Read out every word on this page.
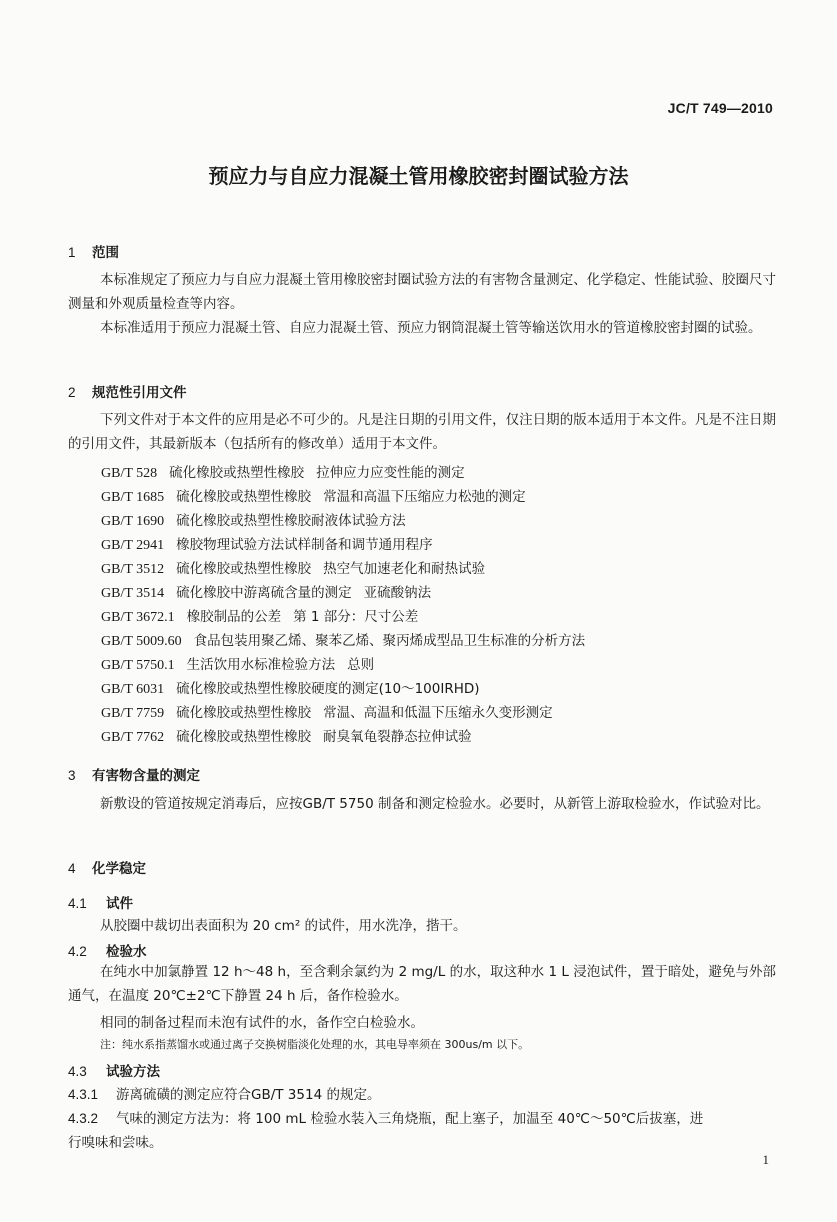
JC/T 749—2010
预应力与自应力混凝土管用橡胶密封圈试验方法
1 范围
本标准规定了预应力与自应力混凝土管用橡胶密封圈试验方法的有害物含量测定、化学稳定、性能试验、胶圈尺寸测量和外观质量检查等内容。
本标准适用于预应力混凝土管、自应力混凝土管、预应力钢筒混凝土管等输送饮用水的管道橡胶密封圈的试验。
2 规范性引用文件
下列文件对于本文件的应用是必不可少的。凡是注日期的引用文件，仅注日期的版本适用于本文件。凡是不注日期的引用文件，其最新版本（包括所有的修改单）适用于本文件。
GB/T 528 硫化橡胶或热塑性橡胶 拉伸应力应变性能的测定
GB/T 1685 硫化橡胶或热塑性橡胶 常温和高温下压缩应力松弛的测定
GB/T 1690 硫化橡胶或热塑性橡胶耐液体试验方法
GB/T 2941 橡胶物理试验方法试样制备和调节通用程序
GB/T 3512 硫化橡胶或热塑性橡胶 热空气加速老化和耐热试验
GB/T 3514 硫化橡胶中游离硫含量的测定 亚硫酸钠法
GB/T 3672.1 橡胶制品的公差 第 1 部分：尺寸公差
GB/T 5009.60 食品包装用聚乙烯、聚苯乙烯、聚丙烯成型品卫生标准的分析方法
GB/T 5750.1 生活饮用水标准检验方法 总则
GB/T 6031 硫化橡胶或热塑性橡胶硬度的测定(10～100IRHD)
GB/T 7759 硫化橡胶或热塑性橡胶 常温、高温和低温下压缩永久变形测定
GB/T 7762 硫化橡胶或热塑性橡胶 耐臭氧龟裂静态拉伸试验
3 有害物含量的测定
新敷设的管道按规定消毒后，应按GB/T 5750 制备和测定检验水。必要时，从新管上游取检验水，作试验对比。
4 化学稳定
4.1 试件
从胶圈中裁切出表面积为 20 cm² 的试件，用水洗净，揩干。
4.2 检验水
在纯水中加氯静置 12 h～48 h，至含剩余氯约为 2 mg/L 的水，取这种水 1 L 浸泡试件，置于暗处，避免与外部通气，在温度 20℃±2℃下静置 24 h 后，备作检验水。
相同的制备过程而未泡有试件的水，备作空白检验水。
注：纯水系指蒸馏水或通过离子交换树脂淡化处理的水，其电导率须在 300us/m 以下。
4.3 试验方法
4.3.1 游离硫磺的测定应符合GB/T 3514 的规定。
4.3.2 气味的测定方法为：将 100 mL 检验水装入三角烧瓶，配上塞子，加温至 40℃～50℃后拔塞，进
行嗅味和尝味。
1
